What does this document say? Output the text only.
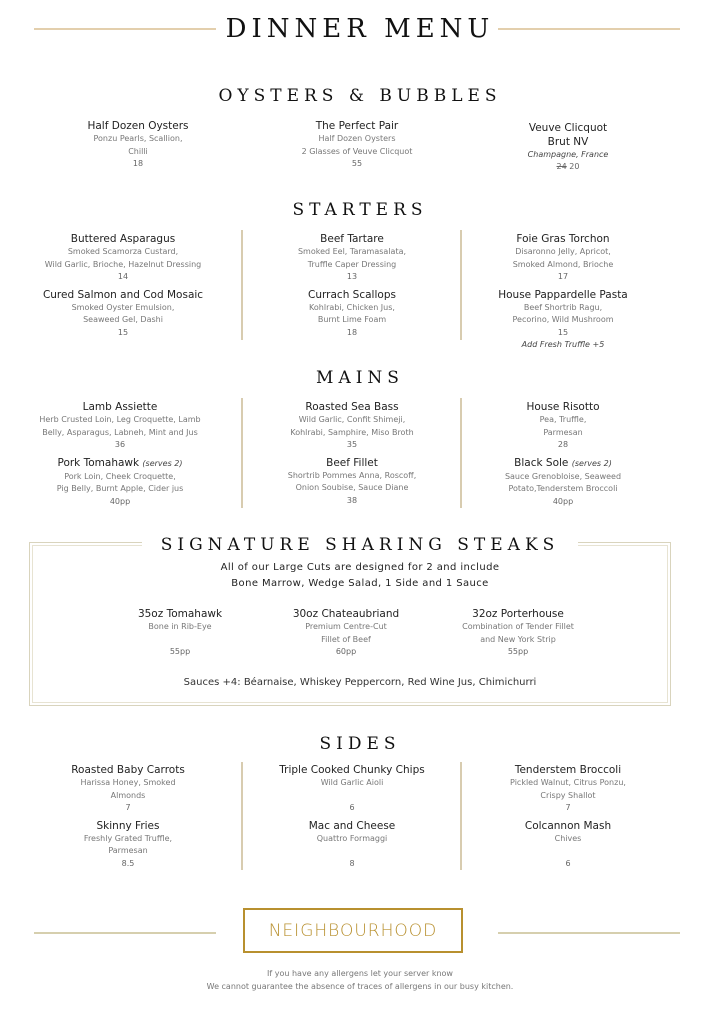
DINNER MENU
OYSTERS & BUBBLES
Half Dozen Oysters
Ponzu Pearls, Scallion,
Chilli
18
The Perfect Pair
Half Dozen Oysters
2 Glasses of Veuve Clicquot
55
Veuve Clicquot
Brut NV
Champagne, France
24 20
STARTERS
Buttered Asparagus
Smoked Scamorza Custard,
Wild Garlic, Brioche, Hazelnut Dressing
14
Cured Salmon and Cod Mosaic
Smoked Oyster Emulsion,
Seaweed Gel, Dashi
15
Beef Tartare
Smoked Eel, Taramasalata,
Truffle Caper Dressing
13
Currach Scallops
Kohlrabi, Chicken Jus,
Burnt Lime Foam
18
Foie Gras Torchon
Disaronno Jelly, Apricot,
Smoked Almond, Brioche
17
House Pappardelle Pasta
Beef Shortrib Ragu,
Pecorino, Wild Mushroom
15
Add Fresh Truffle +5
MAINS
Lamb Assiette
Herb Crusted Loin, Leg Croquette, Lamb
Belly, Asparagus, Labneh, Mint and Jus
36
Pork Tomahawk (serves 2)
Pork Loin, Cheek Croquette,
Pig Belly, Burnt Apple, Cider jus
40pp
Roasted Sea Bass
Wild Garlic, Confit Shimeji,
Kohlrabi, Samphire, Miso Broth
35
Beef Fillet
Shortrib Pommes Anna, Roscoff,
Onion Soubise, Sauce Diane
38
House Risotto
Pea, Truffle,
Parmesan
28
Black Sole (serves 2)
Sauce Grenobloise, Seaweed
Potato,Tenderstem Broccoli
40pp
SIGNATURE SHARING STEAKS
All of our Large Cuts are designed for 2 and include
Bone Marrow, Wedge Salad, 1 Side and 1 Sauce
35oz Tomahawk
Bone in Rib-Eye
55pp
30oz Chateaubriand
Premium Centre-Cut
Fillet of Beef
60pp
32oz Porterhouse
Combination of Tender Fillet
and New York Strip
55pp
Sauces +4: Béarnaise, Whiskey Peppercorn, Red Wine Jus, Chimichurri
SIDES
Roasted Baby Carrots
Harissa Honey, Smoked
Almonds
7
Skinny Fries
Freshly Grated Truffle,
Parmesan
8.5
Triple Cooked Chunky Chips
Wild Garlic Aioli
6
Mac and Cheese
Quattro Formaggi
8
Tenderstem Broccoli
Pickled Walnut, Citrus Ponzu,
Crispy Shallot
7
Colcannon Mash
Chives
6
NEIGHBOURHOOD
If you have any allergens let your server know
We cannot guarantee the absence of traces of allergens in our busy kitchen.
